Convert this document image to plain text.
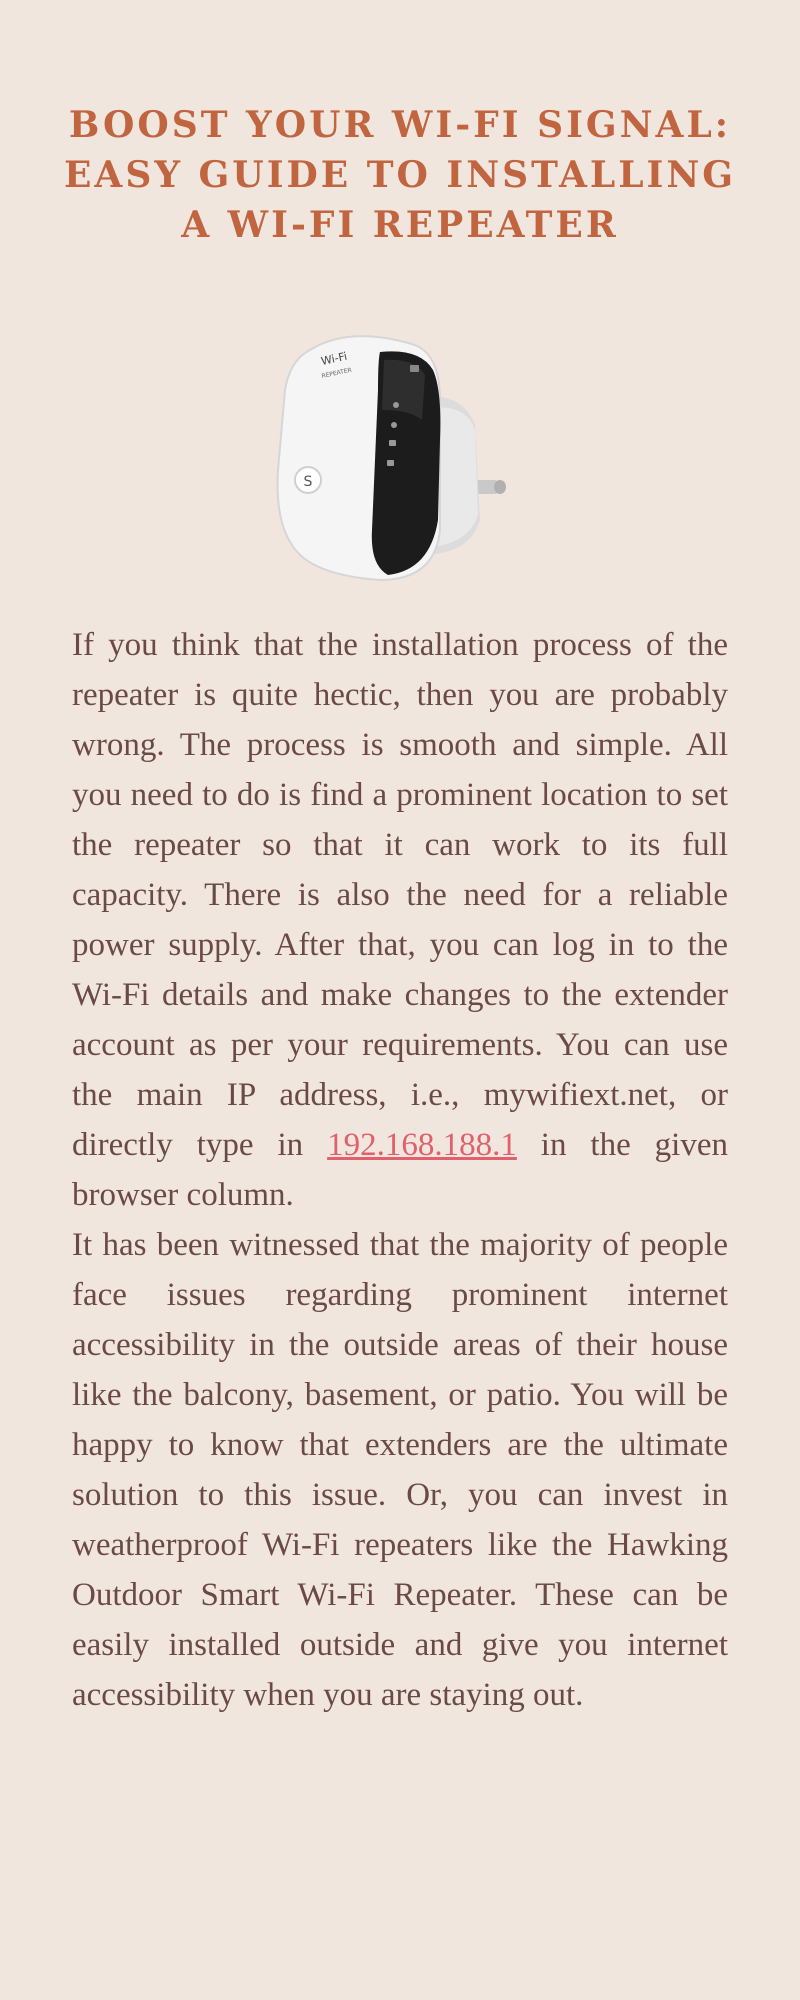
BOOST YOUR WI-FI SIGNAL: EASY GUIDE TO INSTALLING A WI-FI REPEATER
S
Wi-Fi
REPEATER

If you think that the installation process of the repeater is quite hectic, then you are probably wrong. The process is smooth and simple. All you need to do is find a prominent location to set the repeater so that it can work to its full capacity. There is also the need for a reliable power supply. After that, you can log in to the Wi-Fi details and make changes to the extender account as per your requirements. You can use the main IP address, i.e., mywifiext.net, or directly type in 192.168.188.1 in the given browser column.

It has been witnessed that the majority of people face issues regarding prominent internet accessibility in the outside areas of their house like the balcony, basement, or patio. You will be happy to know that extenders are the ultimate solution to this issue. Or, you can invest in weatherproof Wi-Fi repeaters like the Hawking Outdoor Smart Wi-Fi Repeater. These can be easily installed outside and give you internet accessibility when you are staying out.
